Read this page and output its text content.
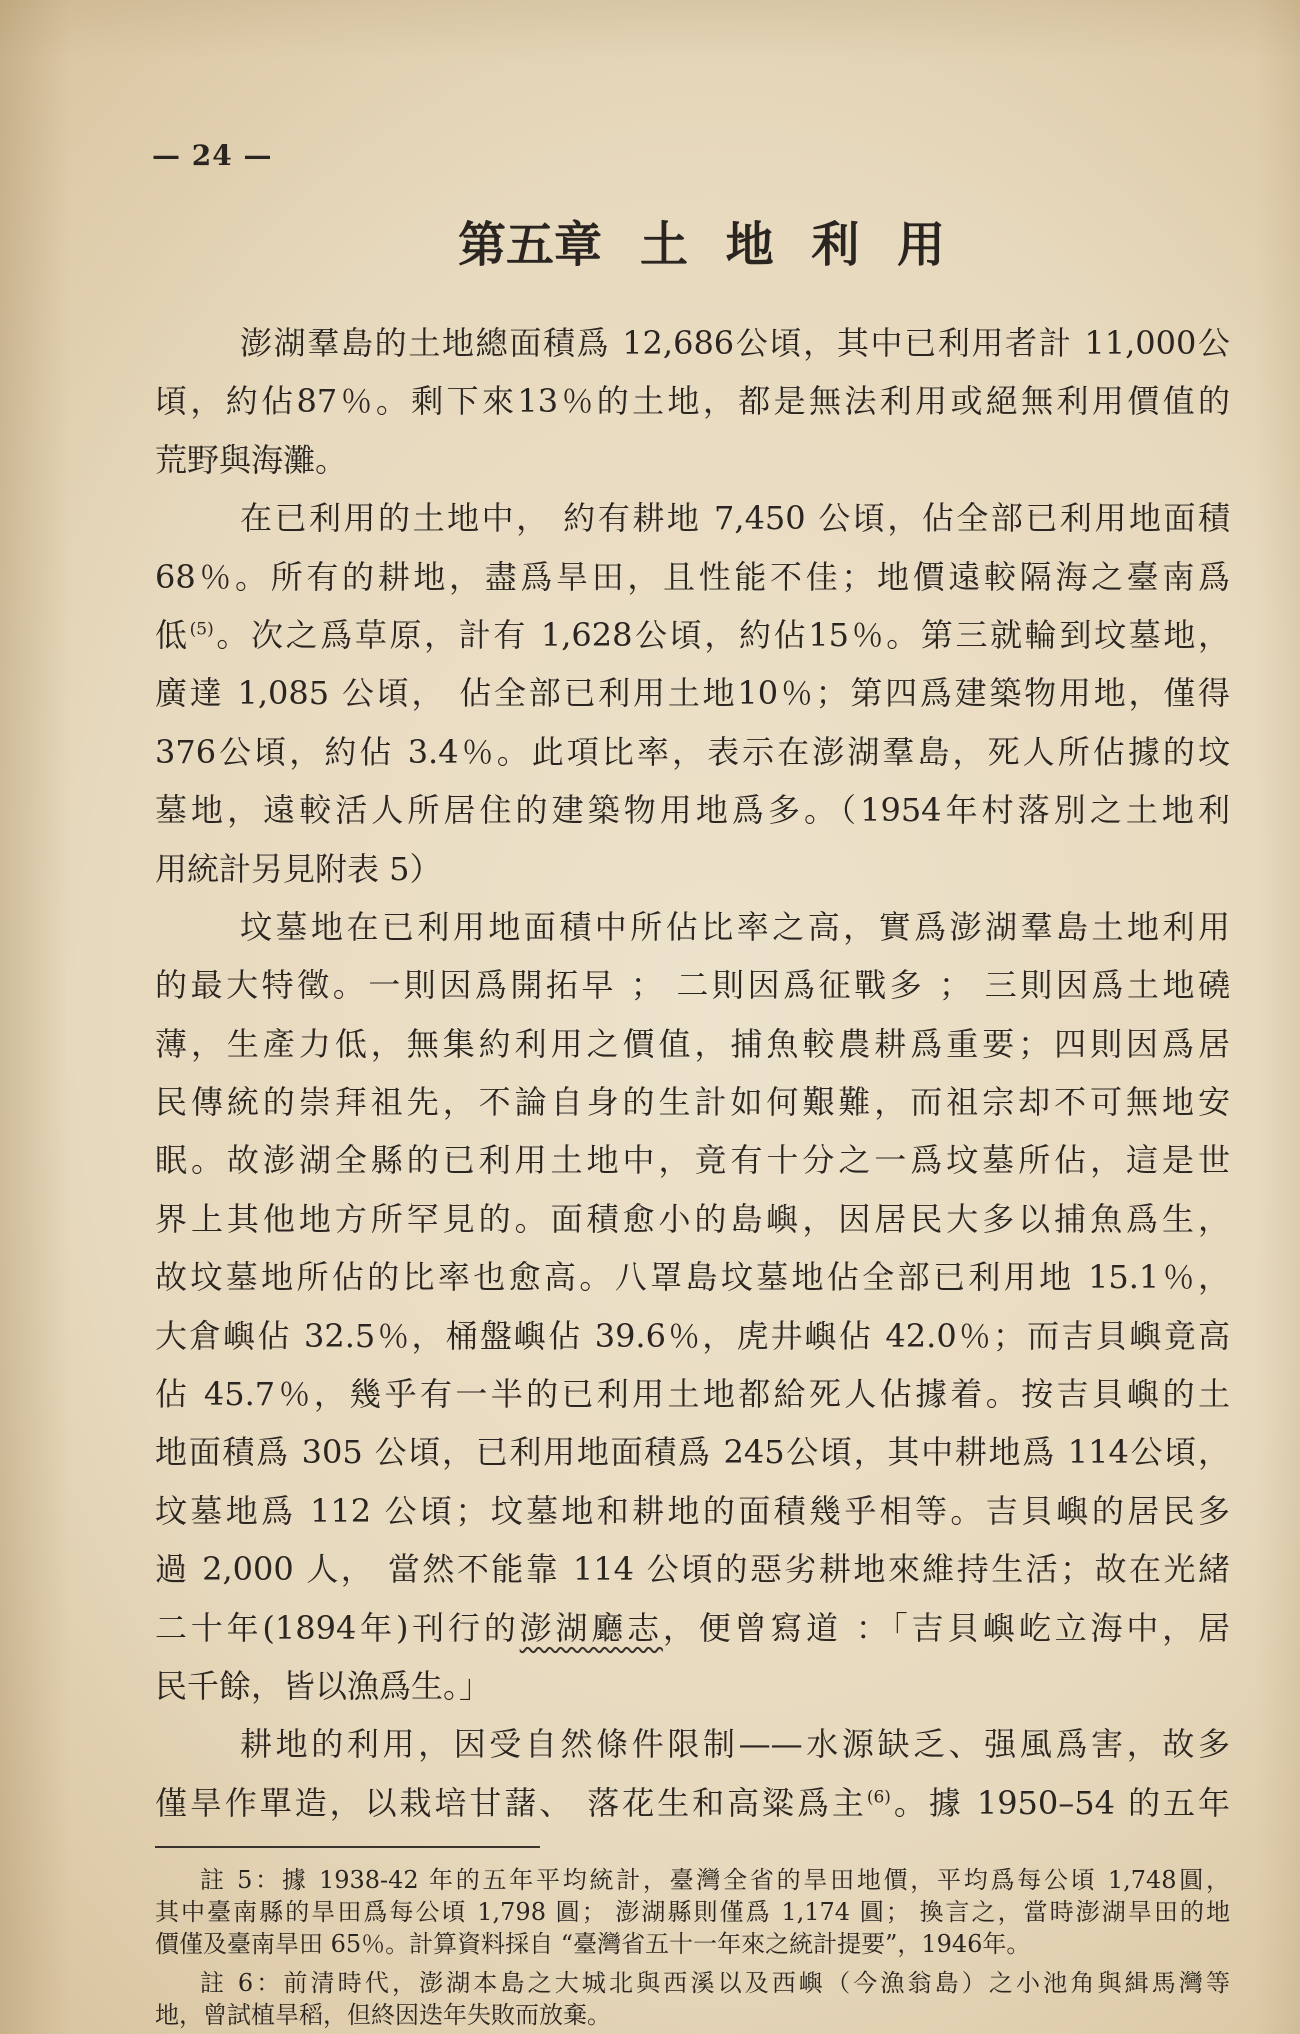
— 24 —
第五章 土 地 利 用
澎湖羣島的土地總面積爲 12,686公頃，其中已利用者計 11,000公
頃，約佔87％。剩下來13％的土地，都是無法利用或絕無利用價值的
荒野與海灘。
在已利用的土地中， 約有耕地 7,450 公頃，佔全部已利用地面積
68％。所有的耕地，盡爲旱田，且性能不佳；地價遠較隔海之臺南爲
低$^{(5)}$。次之爲草原，計有 1,628公頃，約佔15％。第三就輪到坟墓地，
廣達 1,085 公頃， 佔全部已利用土地10％；第四爲建築物用地，僅得
376公頃，約佔 3.4％。此項比率，表示在澎湖羣島，死人所佔據的坟
墓地，遠較活人所居住的建築物用地爲多。（1954年村落別之土地利
用統計另見附表 5）
坟墓地在已利用地面積中所佔比率之高，實爲澎湖羣島土地利用
的最大特徵。一則因爲開拓早 ； 二則因爲征戰多 ； 三則因爲土地磽
薄，生產力低，無集約利用之價值，捕魚較農耕爲重要；四則因爲居
民傳統的崇拜祖先，不論自身的生計如何艱難，而祖宗却不可無地安
眠。故澎湖全縣的已利用土地中，竟有十分之一爲坟墓所佔，這是世
界上其他地方所罕見的。面積愈小的島嶼，因居民大多以捕魚爲生，
故坟墓地所佔的比率也愈高。八罩島坟墓地佔全部已利用地 15.1％，
大倉嶼佔 32.5％，桶盤嶼佔 39.6％，虎井嶼佔 42.0％；而吉貝嶼竟高
佔 45.7％，幾乎有一半的已利用土地都給死人佔據着。按吉貝嶼的土
地面積爲 305 公頃，已利用地面積爲 245公頃，其中耕地爲 114公頃，
坟墓地爲 112 公頃；坟墓地和耕地的面積幾乎相等。吉貝嶼的居民多
過 2,000 人， 當然不能靠 114 公頃的惡劣耕地來維持生活；故在光緒
二十年(1894年)刊行的澎湖廳志，便曾寫道 ：「吉貝嶼屹立海中，居
民千餘，皆以漁爲生。」
耕地的利用，因受自然條件限制——水源缺乏、强風爲害，故多
僅旱作單造，以栽培甘藷、 落花生和高粱爲主$^{(6)}$。據 1950–54 的五年
註 5：據 1938-42 年的五年平均統計，臺灣全省的旱田地價，平均爲每公頃 1,748圓，
其中臺南縣的旱田爲每公頃 1,798 圓； 澎湖縣則僅爲 1,174 圓； 換言之，當時澎湖旱田的地
價僅及臺南旱田 65％。計算資料採自 “臺灣省五十一年來之統計提要”，1946年。
註 6：前清時代，澎湖本島之大城北與西溪以及西嶼（今漁翁島）之小池角與緝馬灣等
地，曾試植旱稻，但終因迭年失敗而放棄。
